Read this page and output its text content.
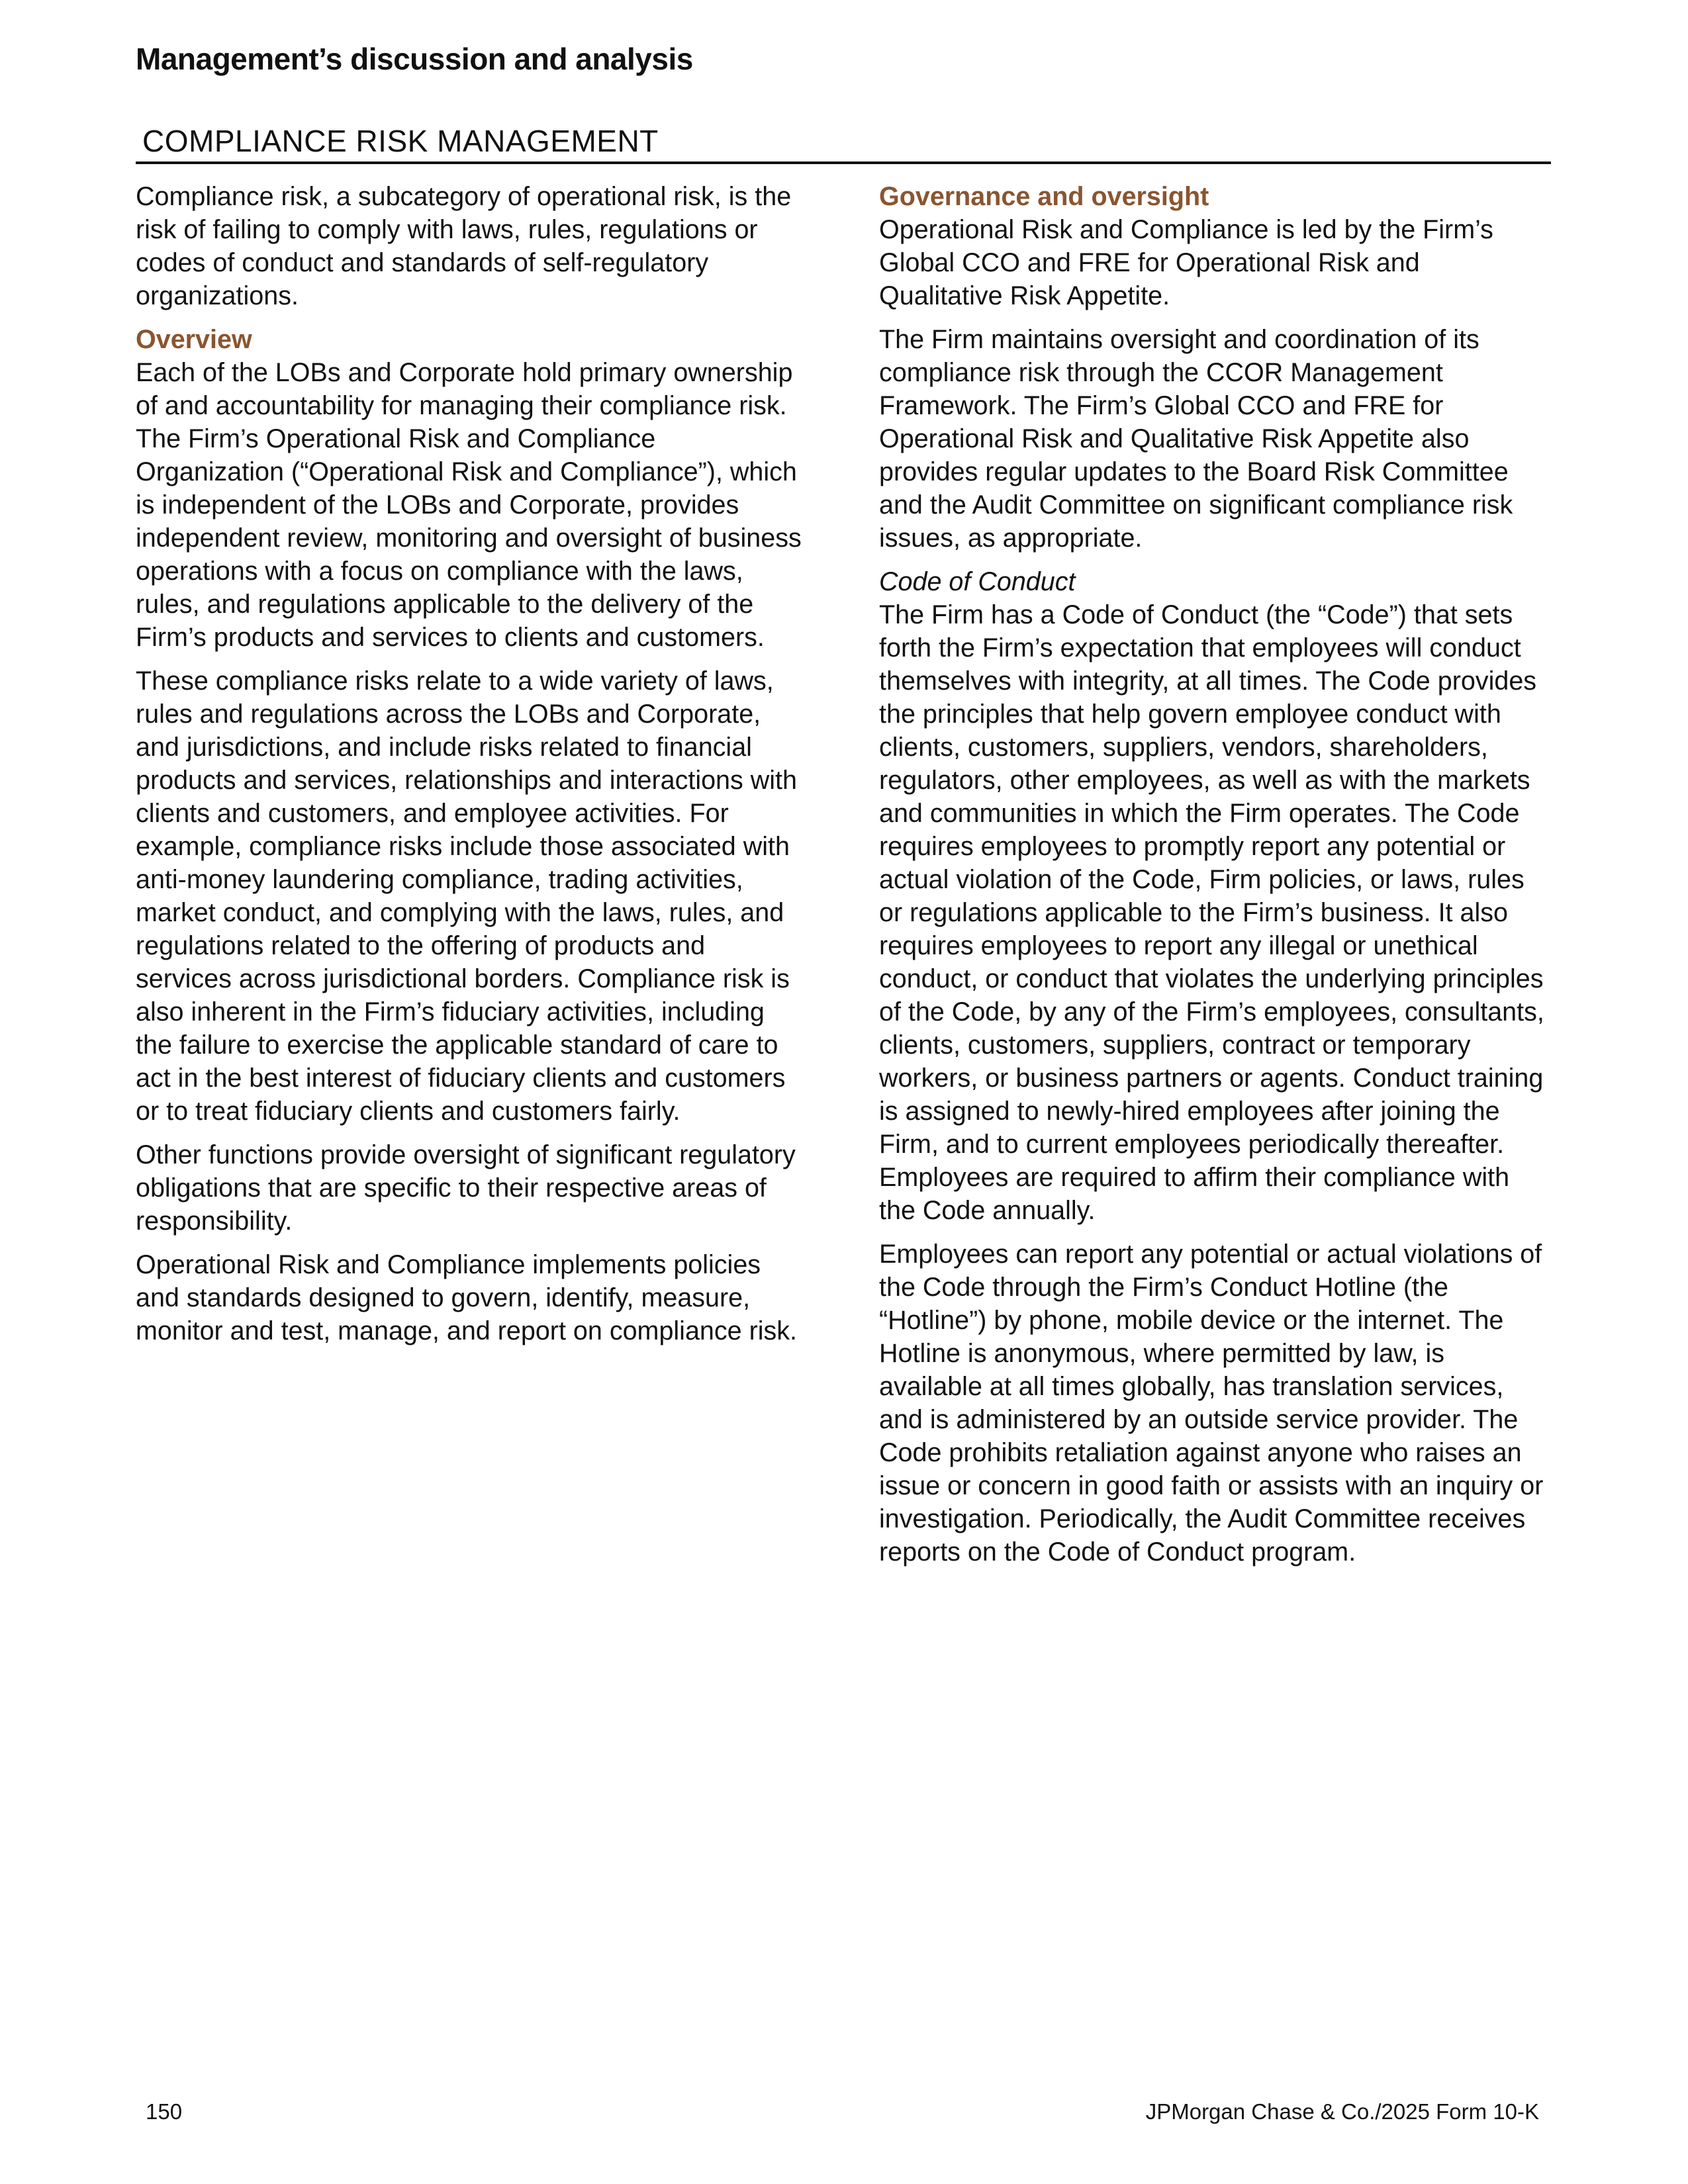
Management’s discussion and analysis
COMPLIANCE RISK MANAGEMENT

Compliance risk, a subcategory of operational risk, is the risk of failing to comply with laws, rules, regulations or codes of conduct and standards of self-regulatory organizations.

Overview

Each of the LOBs and Corporate hold primary ownership of and accountability for managing their compliance risk. The Firm’s Operational Risk and Compliance Organization (“Operational Risk and Compliance”), which is independent of the LOBs and Corporate, provides independent review, monitoring and oversight of business operations with a focus on compliance with the laws, rules, and regulations applicable to the delivery of the Firm’s products and services to clients and customers.

These compliance risks relate to a wide variety of laws, rules and regulations across the LOBs and Corporate, and jurisdictions, and include risks related to financial products and services, relationships and interactions with clients and customers, and employee activities. For example, compliance risks include those associated with anti-money laundering compliance, trading activities, market conduct, and complying with the laws, rules, and regulations related to the offering of products and services across jurisdictional borders. Compliance risk is also inherent in the Firm’s fiduciary activities, including the failure to exercise the applicable standard of care to act in the best interest of fiduciary clients and customers or to treat fiduciary clients and customers fairly.

Other functions provide oversight of significant regulatory obligations that are specific to their respective areas of responsibility.

Operational Risk and Compliance implements policies and standards designed to govern, identify, measure, monitor and test, manage, and report on compliance risk.

Governance and oversight

Operational Risk and Compliance is led by the Firm’s Global CCO and FRE for Operational Risk and Qualitative Risk Appetite.

The Firm maintains oversight and coordination of its compliance risk through the CCOR Management Framework. The Firm’s Global CCO and FRE for Operational Risk and Qualitative Risk Appetite also provides regular updates to the Board Risk Committee and the Audit Committee on significant compliance risk issues, as appropriate.

Code of Conduct

The Firm has a Code of Conduct (the “Code”) that sets forth the Firm’s expectation that employees will conduct themselves with integrity, at all times. The Code provides the principles that help govern employee conduct with clients, customers, suppliers, vendors, shareholders, regulators, other employees, as well as with the markets and communities in which the Firm operates. The Code requires employees to promptly report any potential or actual violation of the Code, Firm policies, or laws, rules or regulations applicable to the Firm’s business. It also requires employees to report any illegal or unethical conduct, or conduct that violates the underlying principles of the Code, by any of the Firm’s employees, consultants, clients, customers, suppliers, contract or temporary workers, or business partners or agents. Conduct training is assigned to newly-hired employees after joining the Firm, and to current employees periodically thereafter. Employees are required to affirm their compliance with the Code annually.

Employees can report any potential or actual violations of the Code through the Firm’s Conduct Hotline (the “Hotline”) by phone, mobile device or the internet. The Hotline is anonymous, where permitted by law, is available at all times globally, has translation services, and is administered by an outside service provider. The Code prohibits retaliation against anyone who raises an issue or concern in good faith or assists with an inquiry or investigation. Periodically, the Audit Committee receives reports on the Code of Conduct program.

150	JPMorgan Chase & Co./2025 Form 10-K
